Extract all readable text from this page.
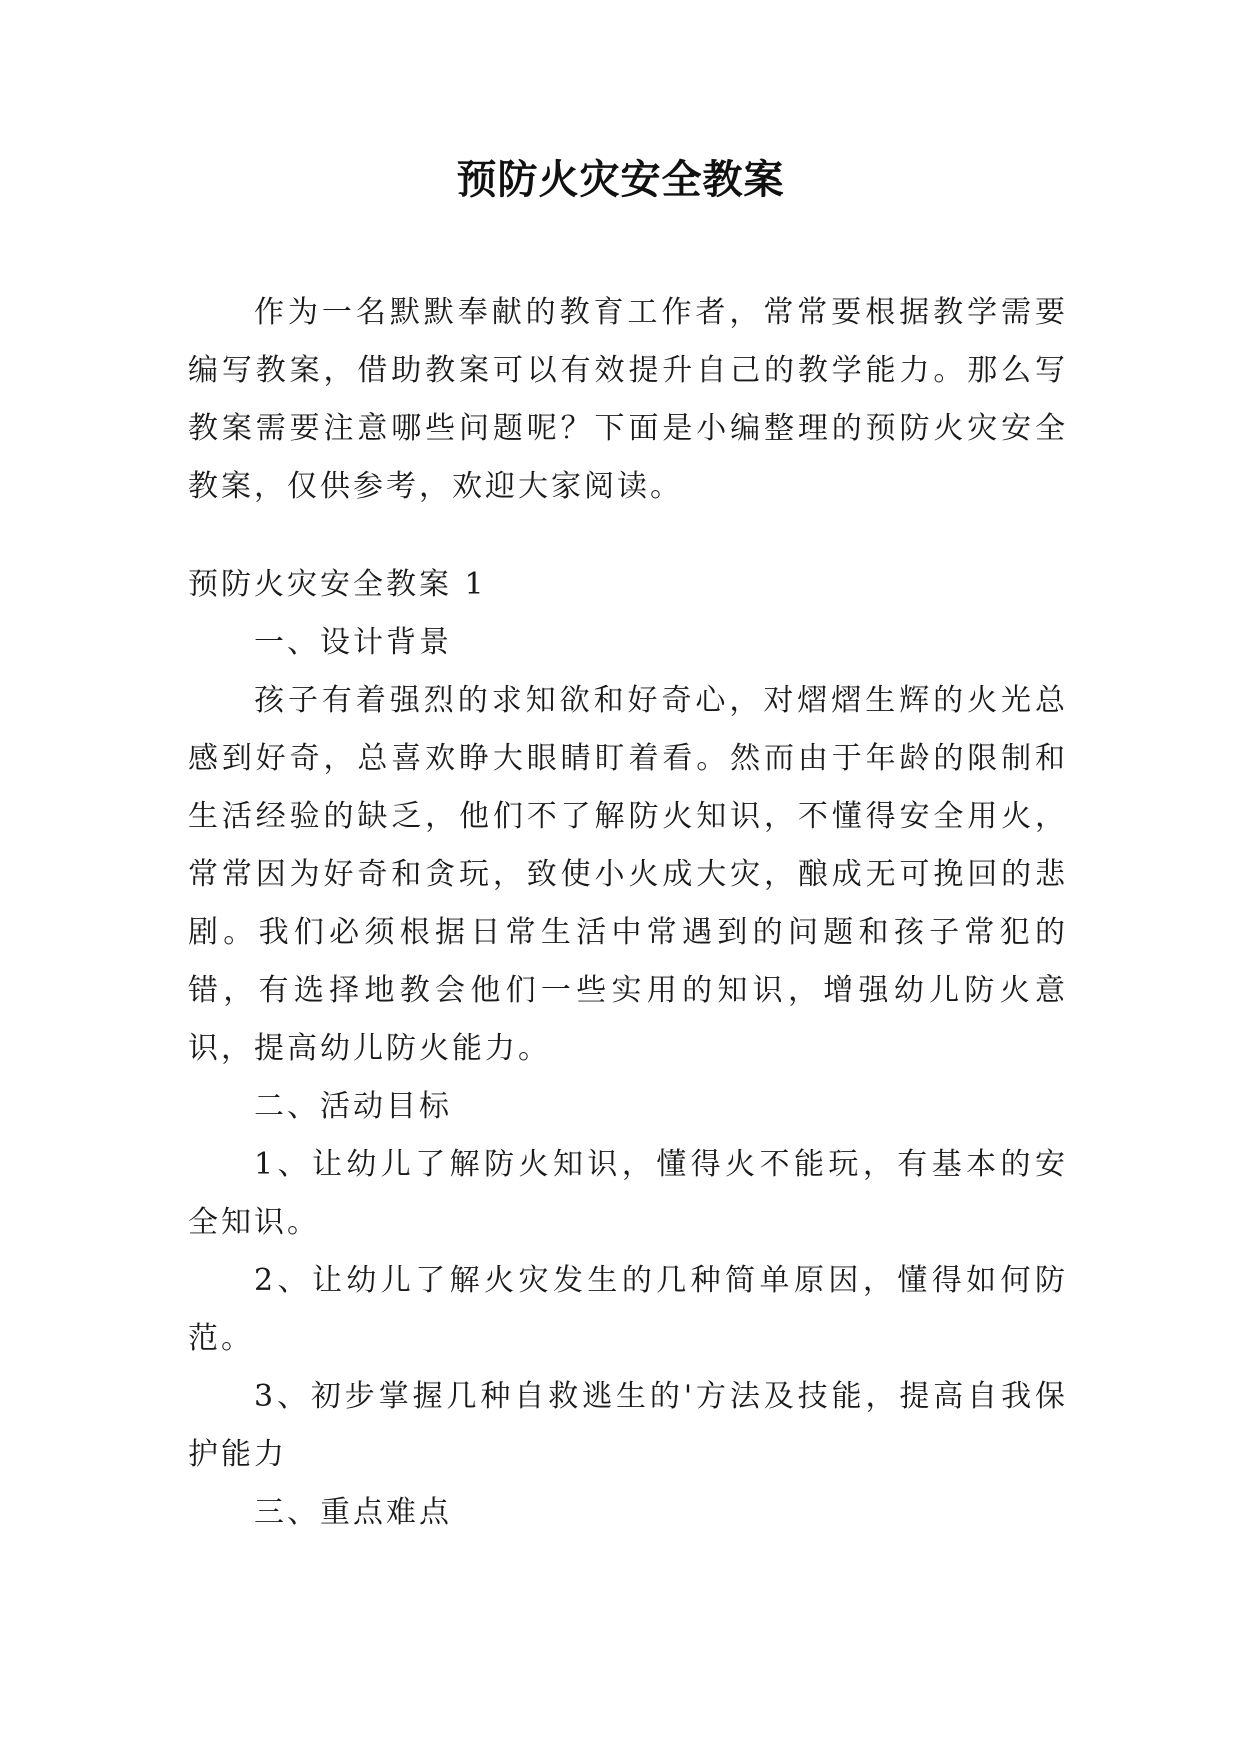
预防火灾安全教案

作为一名默默奉献的教育工作者，常常要根据教学需要编写教案，借助教案可以有效提升自己的教学能力。那么写教案需要注意哪些问题呢？下面是小编整理的预防火灾安全教案，仅供参考，欢迎大家阅读。

预防火灾安全教案 1

一、设计背景

孩子有着强烈的求知欲和好奇心，对熠熠生辉的火光总感到好奇，总喜欢睁大眼睛盯着看。然而由于年龄的限制和生活经验的缺乏，他们不了解防火知识，不懂得安全用火，常常因为好奇和贪玩，致使小火成大灾，酿成无可挽回的悲剧。我们必须根据日常生活中常遇到的问题和孩子常犯的错，有选择地教会他们一些实用的知识，增强幼儿防火意识，提高幼儿防火能力。

二、活动目标

1、让幼儿了解防火知识，懂得火不能玩，有基本的安全知识。

2、让幼儿了解火灾发生的几种简单原因，懂得如何防范。

3、初步掌握几种自救逃生的'方法及技能，提高自我保护能力

三、重点难点
